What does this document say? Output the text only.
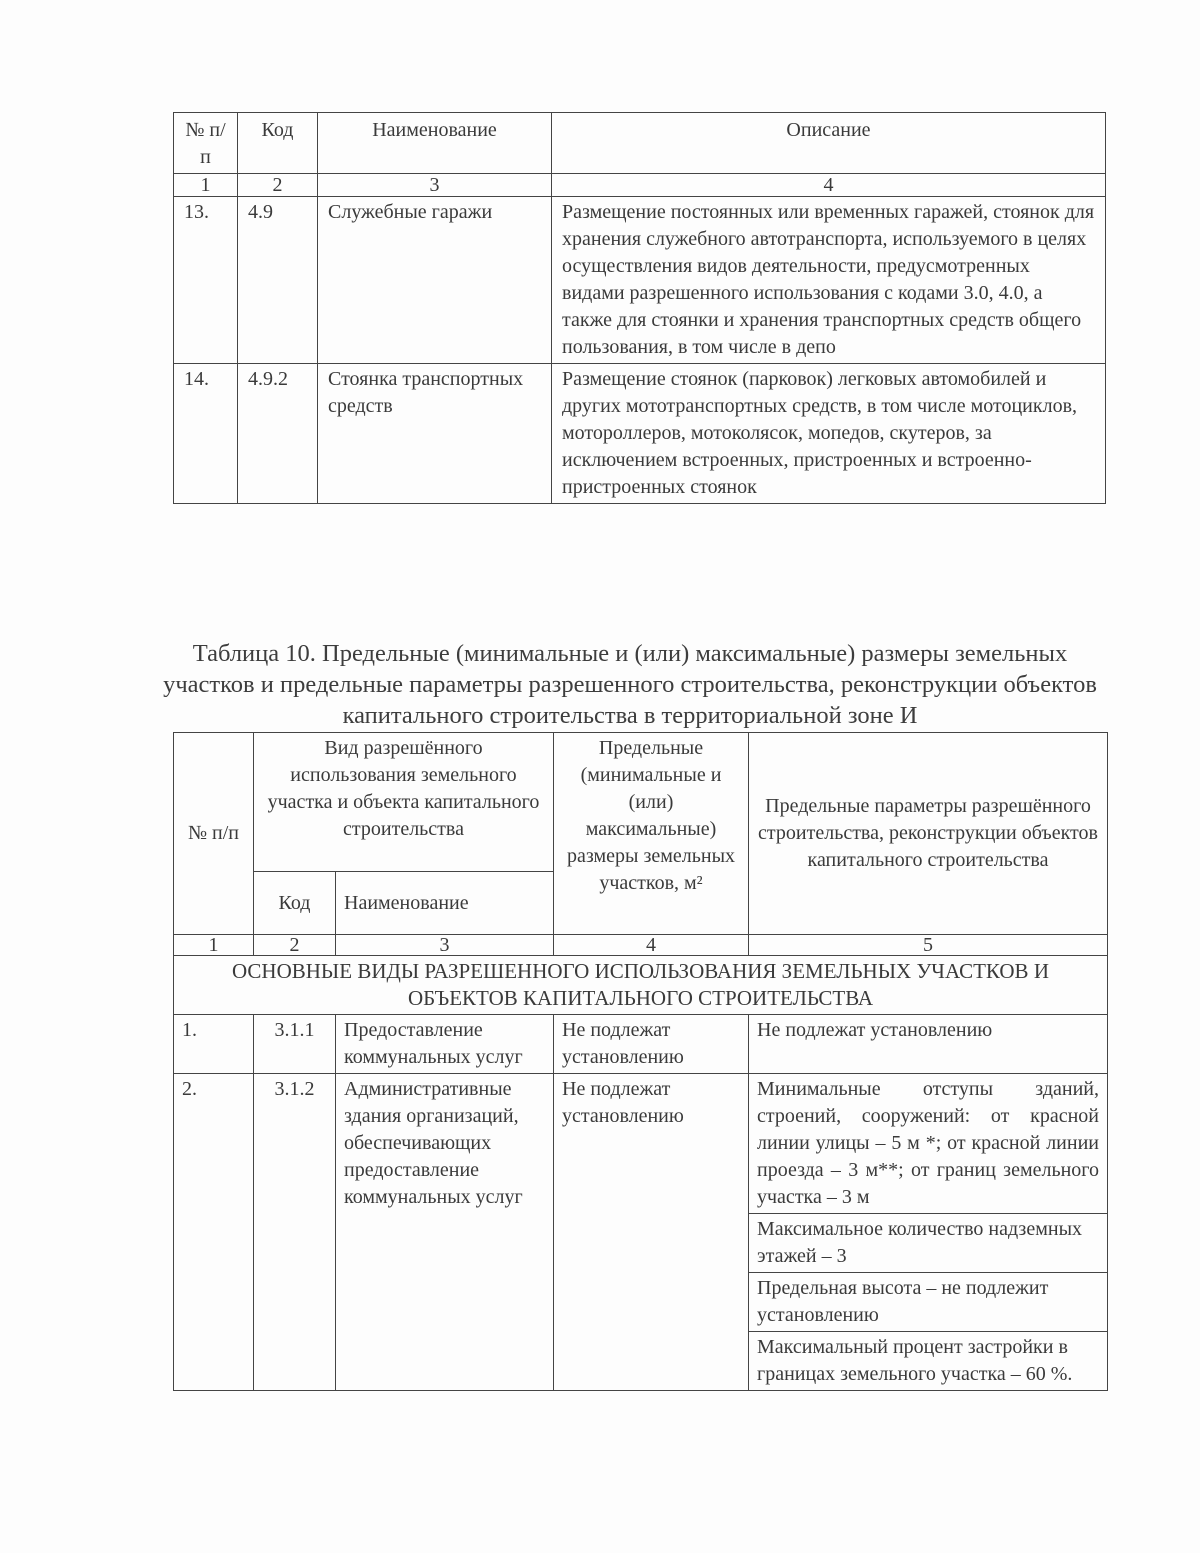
№ п/п	Код	Наименование	Описание
1	2	3	4
13.	4.9	Служебные гаражи	Размещение постоянных или временных гаражей, стоянок для хранения служебного автотранспорта, используемого в целях осуществления видов деятельности, предусмотренных видами разрешенного использования с кодами 3.0, 4.0, а также для стоянки и хранения транспортных средств общего пользования, в том числе в депо
14.	4.9.2	Стоянка транспортных средств	Размещение стоянок (парковок) легковых автомобилей и других мототранспортных средств, в том числе мотоциклов, мотороллеров, мотоколясок, мопедов, скутеров, за исключением встроенных, пристроенных и встроенно-пристроенных стоянок
Таблица 10. Предельные (минимальные и (или) максимальные) размеры земельных участков и предельные параметры разрешенного строительства, реконструкции объектов капитального строительства в территориальной зоне И
№ п/п	Вид разрешённого использования земельного участка и объекта капитального строительства		Предельные (минимальные и (или) максимальные) размеры земельных участков, м²	Предельные параметры разрешённого строительства, реконструкции объектов капитального строительства
	Код	Наименование		
1	2	3	4	5
ОСНОВНЫЕ ВИДЫ РАЗРЕШЕННОГО ИСПОЛЬЗОВАНИЯ ЗЕМЕЛЬНЫХ УЧАСТКОВ И ОБЪЕКТОВ КАПИТАЛЬНОГО СТРОИТЕЛЬСТВА				
1.	3.1.1	Предоставление коммунальных услуг	Не подлежат установлению	Не подлежат установлению
2.	3.1.2	Административные здания организаций, обеспечивающих предоставление коммунальных услуг	Не подлежат установлению	Минимальные отступы зданий, строений, сооружений: от красной линии улицы – 5 м *; от красной линии проезда – 3 м**; от границ земельного участка – 3 м
				Максимальное количество надземных этажей – 3
				Предельная высота – не подлежит установлению
				Максимальный процент застройки в границах земельного участка – 60 %.
